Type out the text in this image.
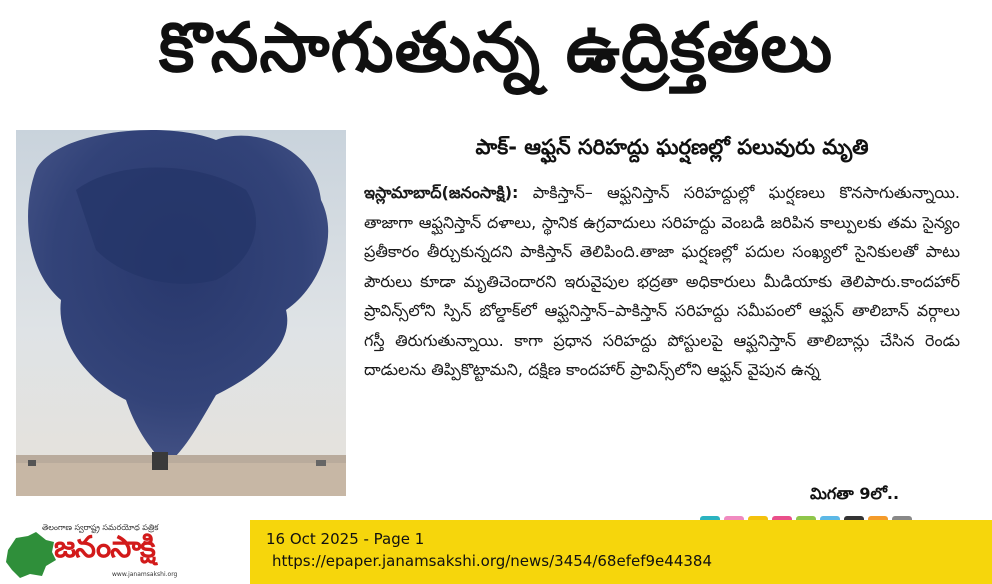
కొనసాగుతున్న ఉద్రిక్తతలు
పాక్‌- ఆఫ్ఘన్‌ సరిహద్దు ఘర్షణల్లో పలువురు మృతి
ఇస్లామాబాద్‌(జనంసాక్షి): పాకిస్తాన్‌– ఆఫ్ఘనిస్తాన్‌ సరిహద్దుల్లో ఘర్షణలు కొనసాగుతున్నాయి. తాజాగా ఆఫ్ఘనిస్తాన్‌ దళాలు, స్థానిక ఉగ్రవాదులు సరిహద్దు వెంబడి జరిపిన కాల్పులకు తమ సైన్యం ప్రతీకారం తీర్చుకున్నదని పాకిస్తాన్‌ తెలిపింది.తాజా ఘర్షణల్లో పదుల సంఖ్యలో సైనికులతో పాటు పౌరులు కూడా మృతిచెందారని ఇరువైపుల భద్రతా అధికారులు మీడియాకు తెలిపారు.కాందహార్‌ ప్రావిన్స్‌లోని స్పిన్‌ బోల్డాక్‌లో ఆఫ్ఘనిస్తాన్‌–పాకిస్తాన్‌ సరిహద్దు సమీపంలో ఆఫ్ఘన్‌ తాలిబాన్‌ వర్గాలు గస్తీ తిరుగుతున్నాయి. కాగా ప్రధాన సరిహద్దు పోస్టులపై ఆఫ్ఘనిస్తాన్‌ తాలిబాన్లు చేసిన రెండు దాడులను తిప్పికొట్టామని, దక్షిణ కాందహార్‌ ప్రావిన్స్‌లోని ఆఫ్ఘన్‌ వైపున ఉన్న
మిగతా 9లో..
తెలంగాణ స్వరాష్ట్ర సమరయోధ పత్రిక
జనంసాక్షి
www.janamsakshi.org
16 Oct 2025 - Page 1
https://epaper.janamsakshi.org/news/3454/68efef9e44384
